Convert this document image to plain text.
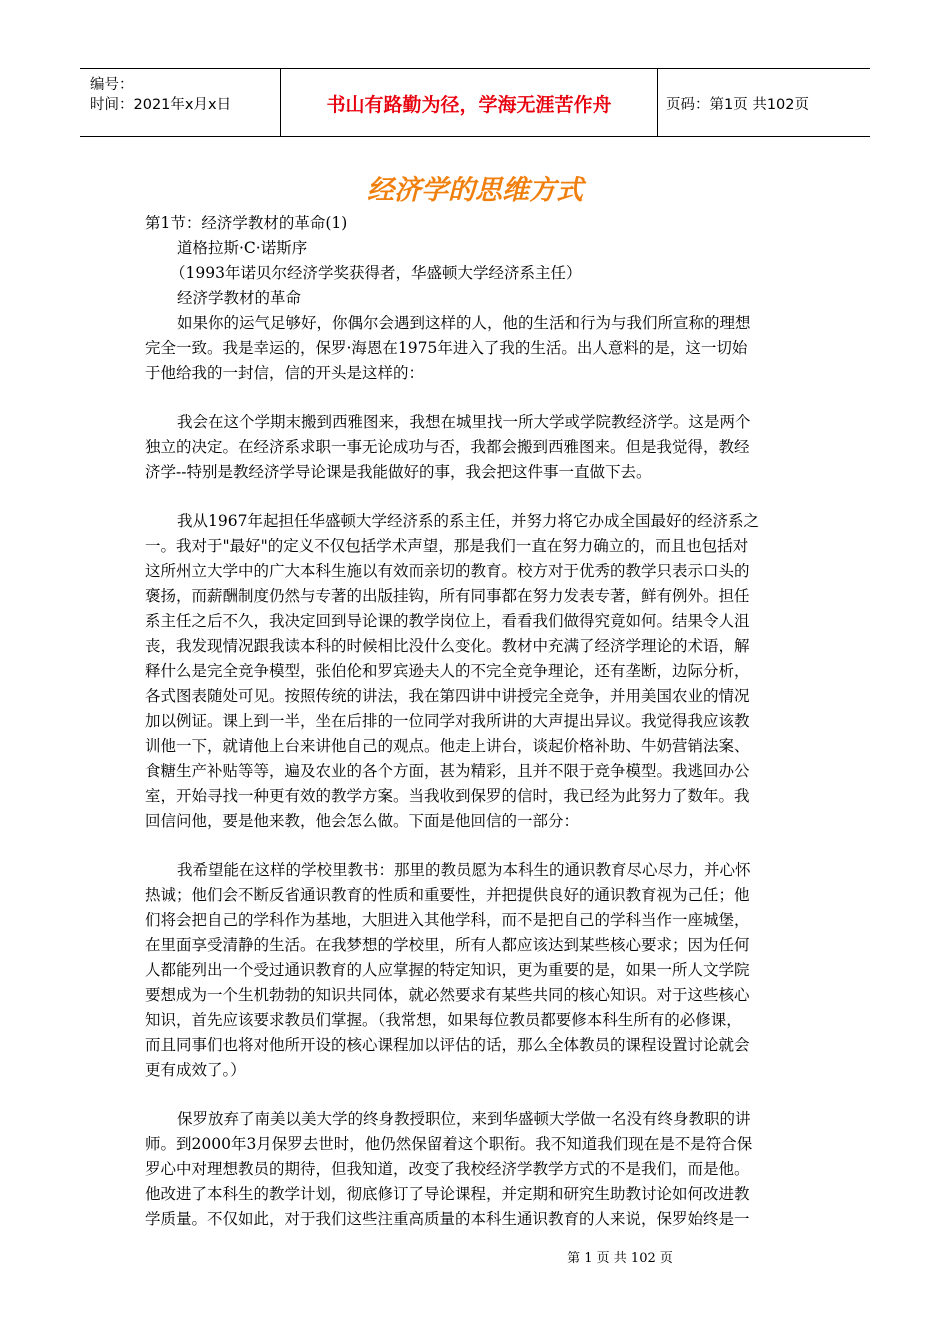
编号：
时间：2021年x月x日	书山有路勤为径，学海无涯苦作舟	页码：第1页 共102页
经济学的思维方式
第1节：经济学教材的革命(1)
道格拉斯·C·诺斯序
（1993年诺贝尔经济学奖获得者，华盛顿大学经济系主任）
经济学教材的革命
如果你的运气足够好，你偶尔会遇到这样的人，他的生活和行为与我们所宣称的理想
完全一致。我是幸运的，保罗·海恩在1975年进入了我的生活。出人意料的是，这一切始
于他给我的一封信，信的开头是这样的：
我会在这个学期末搬到西雅图来，我想在城里找一所大学或学院教经济学。这是两个
独立的决定。在经济系求职一事无论成功与否，我都会搬到西雅图来。但是我觉得，教经
济学--特别是教经济学导论课是我能做好的事，我会把这件事一直做下去。
我从1967年起担任华盛顿大学经济系的系主任，并努力将它办成全国最好的经济系之
一。我对于"最好"的定义不仅包括学术声望，那是我们一直在努力确立的，而且也包括对
这所州立大学中的广大本科生施以有效而亲切的教育。校方对于优秀的教学只表示口头的
褒扬，而薪酬制度仍然与专著的出版挂钩，所有同事都在努力发表专著，鲜有例外。担任
系主任之后不久，我决定回到导论课的教学岗位上，看看我们做得究竟如何。结果令人沮
丧，我发现情况跟我读本科的时候相比没什么变化。教材中充满了经济学理论的术语，解
释什么是完全竞争模型，张伯伦和罗宾逊夫人的不完全竞争理论，还有垄断，边际分析，
各式图表随处可见。按照传统的讲法，我在第四讲中讲授完全竞争，并用美国农业的情况
加以例证。课上到一半，坐在后排的一位同学对我所讲的大声提出异议。我觉得我应该教
训他一下，就请他上台来讲他自己的观点。他走上讲台，谈起价格补助、牛奶营销法案、
食糖生产补贴等等，遍及农业的各个方面，甚为精彩，且并不限于竞争模型。我逃回办公
室，开始寻找一种更有效的教学方案。当我收到保罗的信时，我已经为此努力了数年。我
回信问他，要是他来教，他会怎么做。下面是他回信的一部分：
我希望能在这样的学校里教书：那里的教员愿为本科生的通识教育尽心尽力，并心怀
热诚；他们会不断反省通识教育的性质和重要性，并把提供良好的通识教育视为己任；他
们将会把自己的学科作为基地，大胆进入其他学科，而不是把自己的学科当作一座城堡，
在里面享受清静的生活。在我梦想的学校里，所有人都应该达到某些核心要求；因为任何
人都能列出一个受过通识教育的人应掌握的特定知识，更为重要的是，如果一所人文学院
要想成为一个生机勃勃的知识共同体，就必然要求有某些共同的核心知识。对于这些核心
知识，首先应该要求教员们掌握。（我常想，如果每位教员都要修本科生所有的必修课，
而且同事们也将对他所开设的核心课程加以评估的话，那么全体教员的课程设置讨论就会
更有成效了。）
保罗放弃了南美以美大学的终身教授职位，来到华盛顿大学做一名没有终身教职的讲
师。到2000年3月保罗去世时，他仍然保留着这个职衔。我不知道我们现在是不是符合保
罗心中对理想教员的期待，但我知道，改变了我校经济学教学方式的不是我们，而是他。
他改进了本科生的教学计划，彻底修订了导论课程，并定期和研究生助教讨论如何改进教
学质量。不仅如此，对于我们这些注重高质量的本科生通识教育的人来说，保罗始终是一
第 1 页 共 102 页
